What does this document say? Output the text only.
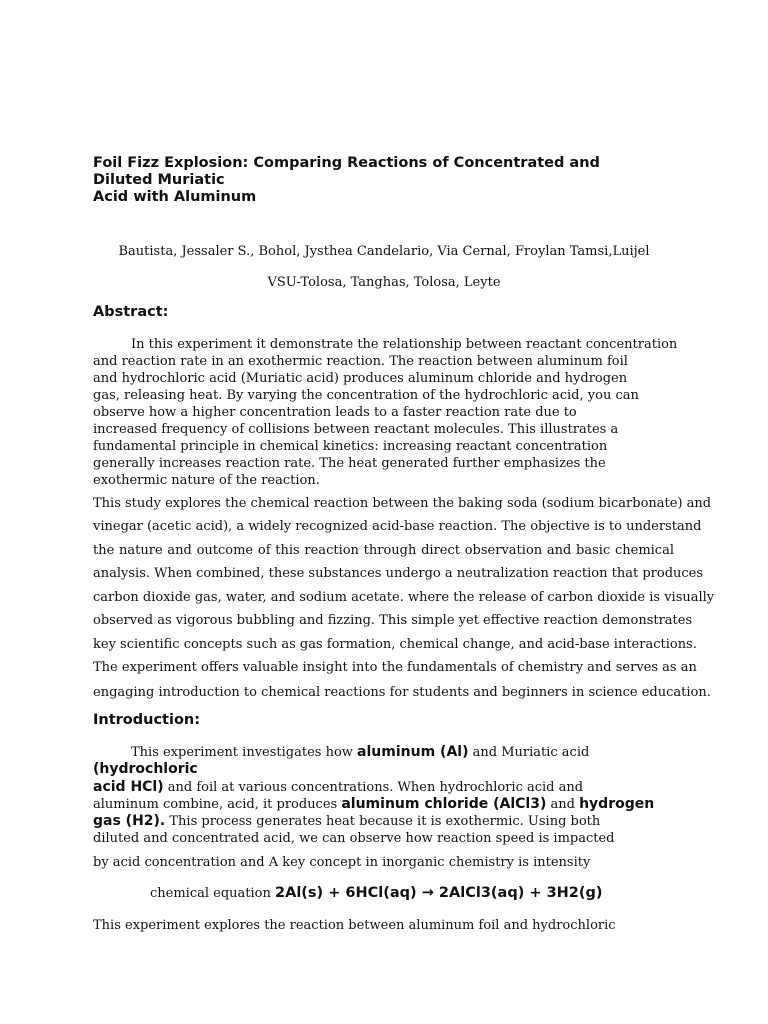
Foil Fizz Explosion: Comparing Reactions of Concentrated and
Diluted Muriatic
Acid with Aluminum
Bautista, Jessaler S., Bohol, Jysthea Candelario, Via Cernal, Froylan Tamsi,Luijel
VSU-Tolosa, Tanghas, Tolosa, Leyte
Abstract:
In this experiment it demonstrate the relationship between reactant concentration
and reaction rate in an exothermic reaction. The reaction between aluminum foil
and hydrochloric acid (Muriatic acid) produces aluminum chloride and hydrogen
gas, releasing heat. By varying the concentration of the hydrochloric acid, you can
observe how a higher concentration leads to a faster reaction rate due to
increased frequency of collisions between reactant molecules. This illustrates a
fundamental principle in chemical kinetics: increasing reactant concentration
generally increases reaction rate. The heat generated further emphasizes the
exothermic nature of the reaction.
This study explores the chemical reaction between the baking soda (sodium bicarbonate) and
vinegar (acetic acid), a widely recognized acid-base reaction. The objective is to understand
the nature and outcome of this reaction through direct observation and basic chemical
analysis. When combined, these substances undergo a neutralization reaction that produces
carbon dioxide gas, water, and sodium acetate. where the release of carbon dioxide is visually
observed as vigorous bubbling and fizzing. This simple yet effective reaction demonstrates
key scientific concepts such as gas formation, chemical change, and acid-base interactions.
The experiment offers valuable insight into the fundamentals of chemistry and serves as an
engaging introduction to chemical reactions for students and beginners in science education.
Introduction:
This experiment investigates how aluminum (Al) and Muriatic acid
(hydrochloric
acid HCl) and foil at various concentrations. When hydrochloric acid and
aluminum combine, acid, it produces aluminum chloride (AlCl3) and hydrogen
gas (H2). This process generates heat because it is exothermic. Using both
diluted and concentrated acid, we can observe how reaction speed is impacted
by acid concentration and A key concept in inorganic chemistry is intensity
chemical equation 2Al(s) + 6HCl(aq) → 2AlCl3(aq) + 3H2(g)
This experiment explores the reaction between aluminum foil and hydrochloric
